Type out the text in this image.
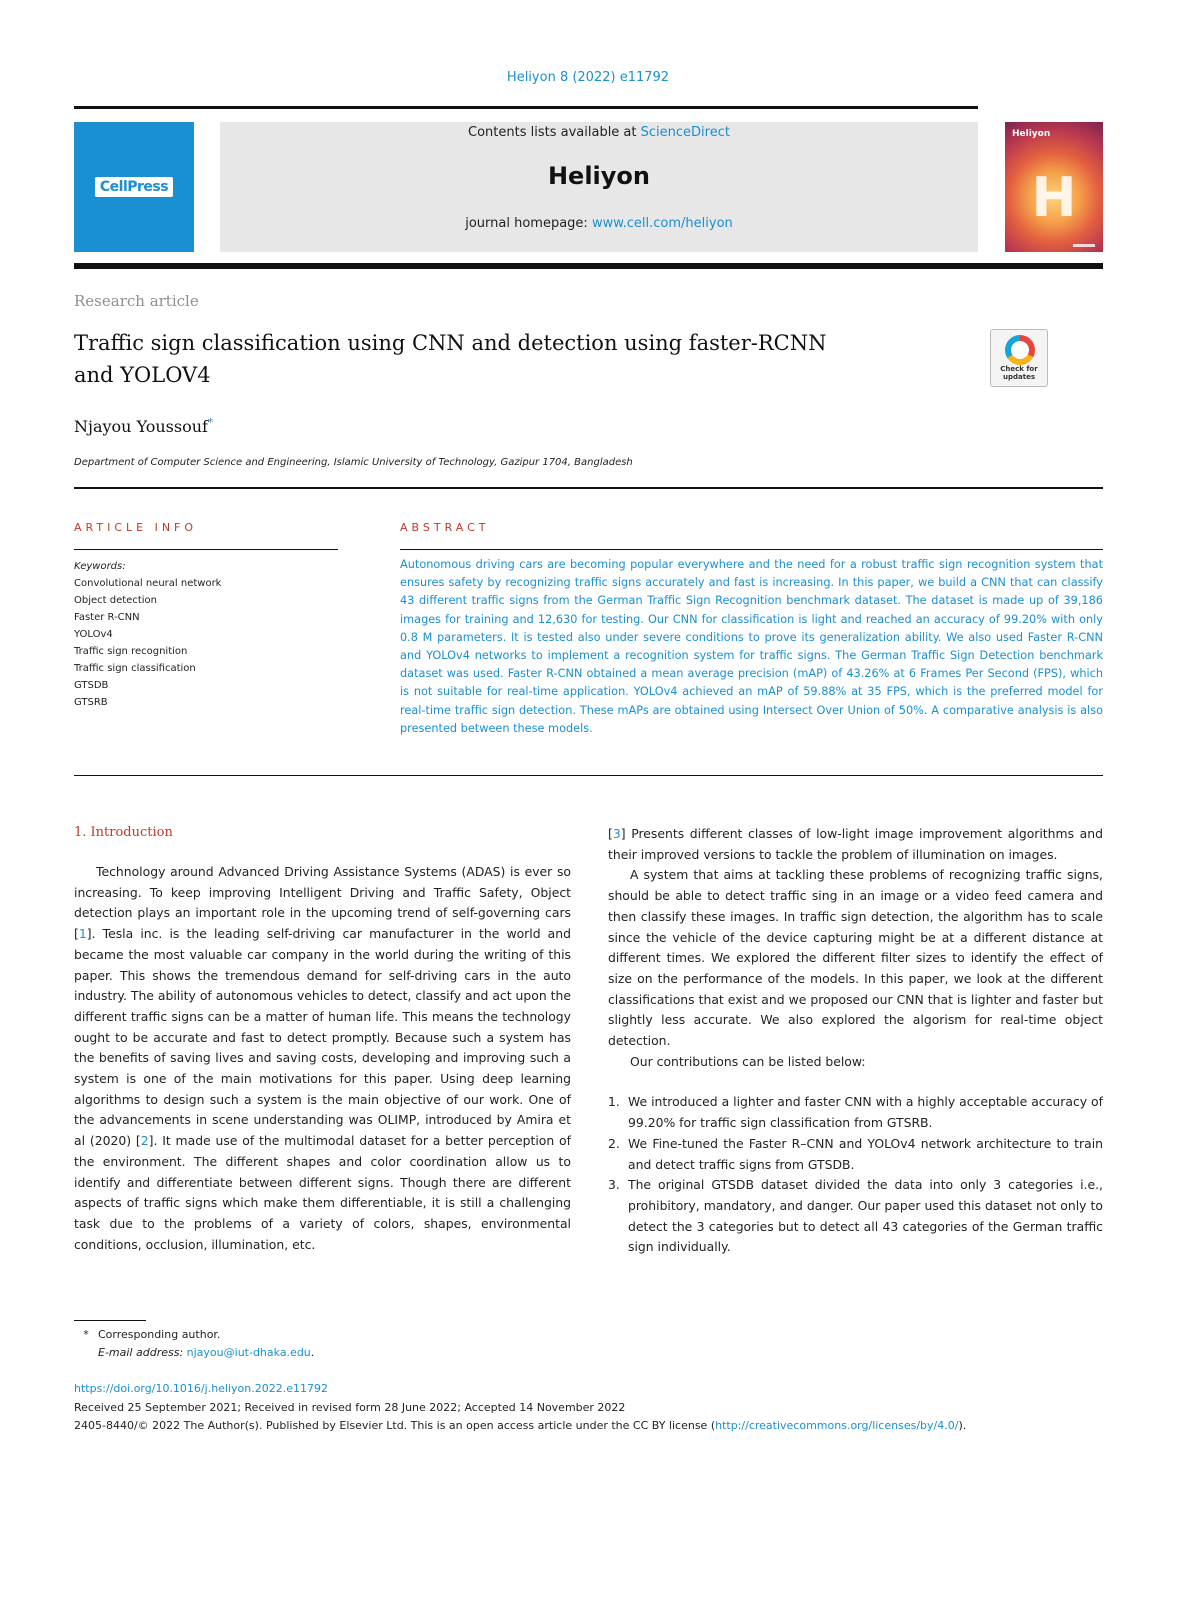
Heliyon 8 (2022) e11792
CellPress
Contents lists available at ScienceDirect
Heliyon
journal homepage: www.cell.com/heliyon
Heliyon
H
Research article
Traffic sign classification using CNN and detection using faster-RCNN
and YOLOV4	Check for
updates
Njayou Youssouf*
Department of Computer Science and Engineering, Islamic University of Technology, Gazipur 1704, Bangladesh
ARTICLE INFO	ABSTRACT
Keywords:
Convolutional neural network
Object detection
Faster R-CNN
YOLOv4
Traffic sign recognition
Traffic sign classification
GTSDB
GTSRB

Autonomous driving cars are becoming popular everywhere and the need for a robust traffic sign recognition system that ensures safety by recognizing traffic signs accurately and fast is increasing. In this paper, we build a CNN that can classify 43 different traffic signs from the German Traffic Sign Recognition benchmark dataset. The dataset is made up of 39,186 images for training and 12,630 for testing. Our CNN for classification is light and reached an accuracy of 99.20% with only 0.8 M parameters. It is tested also under severe conditions to prove its generalization ability. We also used Faster R-CNN and YOLOv4 networks to implement a recognition system for traffic signs. The German Traffic Sign Detection benchmark dataset was used. Faster R-CNN obtained a mean average precision (mAP) of 43.26% at 6 Frames Per Second (FPS), which is not suitable for real-time application. YOLOv4 achieved an mAP of 59.88% at 35 FPS, which is the preferred model for real-time traffic sign detection. These mAPs are obtained using Intersect Over Union of 50%. A comparative analysis is also presented between these models.

1. Introduction

Technology around Advanced Driving Assistance Systems (ADAS) is ever so increasing. To keep improving Intelligent Driving and Traffic Safety, Object detection plays an important role in the upcoming trend of self-governing cars [1]. Tesla inc. is the leading self-driving car manufacturer in the world and became the most valuable car company in the world during the writing of this paper. This shows the tremendous demand for self-driving cars in the auto industry. The ability of autonomous vehicles to detect, classify and act upon the different traffic signs can be a matter of human life. This means the technology ought to be accurate and fast to detect promptly. Because such a system has the benefits of saving lives and saving costs, developing and improving such a system is one of the main motivations for this paper. Using deep learning algorithms to design such a system is the main objective of our work. One of the advancements in scene understanding was OLIMP, introduced by Amira et al (2020) [2]. It made use of the multimodal dataset for a better perception of the environment. The different shapes and color coordination allow us to identify and differentiate between different signs. Though there are different aspects of traffic signs which make them differentiable, it is still a challenging task due to the problems of a variety of colors, shapes, environmental conditions, occlusion, illumination, etc.

[3] Presents different classes of low-light image improvement algorithms and their improved versions to tackle the problem of illumination on images.

A system that aims at tackling these problems of recognizing traffic signs, should be able to detect traffic sing in an image or a video feed camera and then classify these images. In traffic sign detection, the algorithm has to scale since the vehicle of the device capturing might be at a different distance at different times. We explored the different filter sizes to identify the effect of size on the performance of the models. In this paper, we look at the different classifications that exist and we proposed our CNN that is lighter and faster but slightly less accurate. We also explored the algorism for real-time object detection.

Our contributions can be listed below:

1. We introduced a lighter and faster CNN with a highly acceptable accuracy of 99.20% for traffic sign classification from GTSRB.
2. We Fine-tuned the Faster R–CNN and YOLOv4 network architecture to train and detect traffic signs from GTSDB.
3. The original GTSDB dataset divided the data into only 3 categories i.e., prohibitory, mandatory, and danger. Our paper used this dataset not only to detect the 3 categories but to detect all 43 categories of the German traffic sign individually.
* Corresponding author.
E-mail address: njayou@iut-dhaka.edu.
https://doi.org/10.1016/j.heliyon.2022.e11792
Received 25 September 2021; Received in revised form 28 June 2022; Accepted 14 November 2022
2405-8440/© 2022 The Author(s). Published by Elsevier Ltd. This is an open access article under the CC BY license (http://creativecommons.org/licenses/by/4.0/).
